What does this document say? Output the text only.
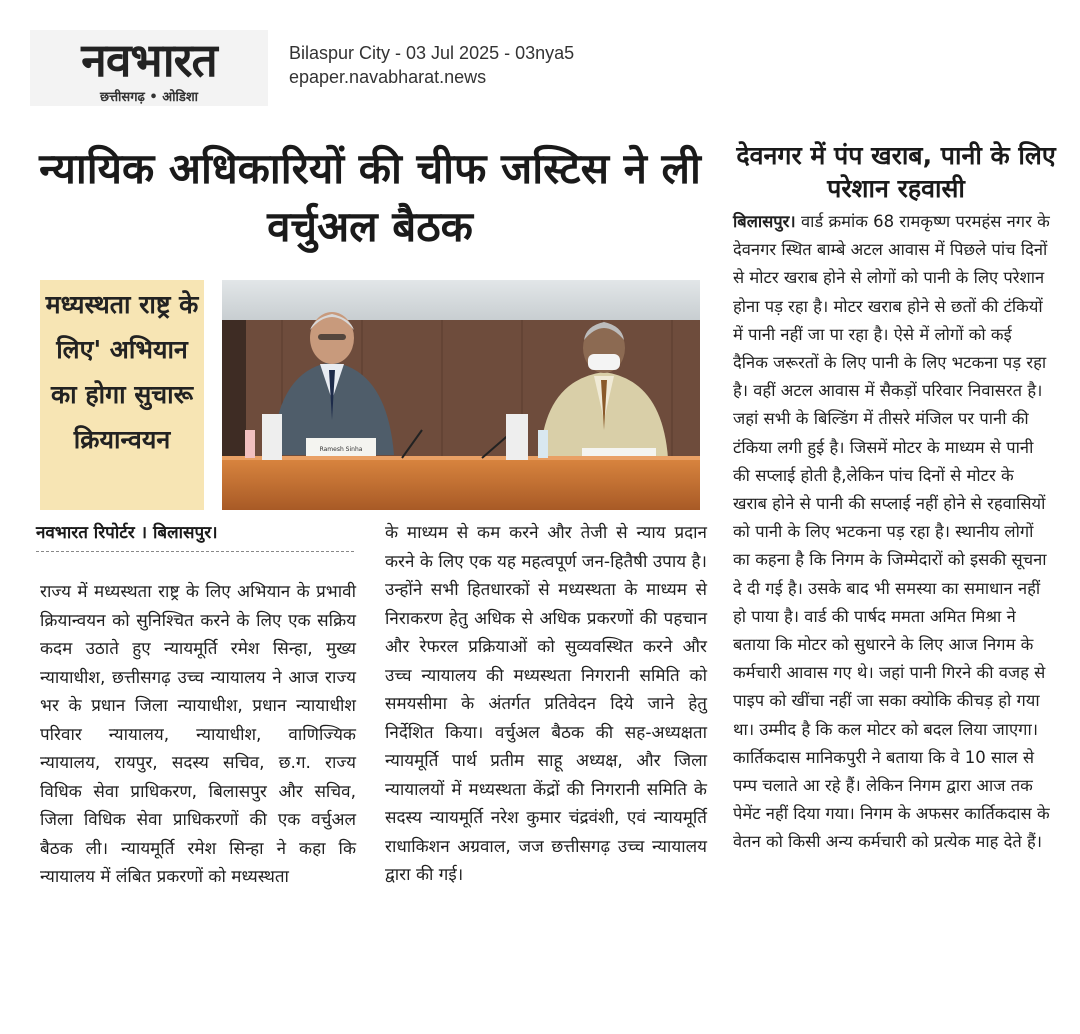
नवभारत
छत्तीसगढ़ • ओडिशा
Bilaspur City - 03 Jul 2025 - 03nya5
epaper.navabharat.news
न्यायिक अधिकारियों की चीफ जस्टिस ने ली वर्चुअल बैठक
देवनगर में पंप खराब, पानी के लिए परेशान रहवासी
मध्यस्थता राष्ट्र के लिए' अभियान का होगा सुचारू क्रियान्वयन	Ramesh Sinha
नवभारत रिपोर्टर । बिलासपुर।
राज्य में मध्यस्थता राष्ट्र के लिए अभियान के प्रभावी क्रियान्वयन को सुनिश्चित करने के लिए एक सक्रिय कदम उठाते हुए न्यायमूर्ति रमेश सिन्हा, मुख्य न्यायाधीश, छत्तीसगढ़ उच्च न्यायालय ने आज राज्य भर के प्रधान जिला न्यायाधीश, प्रधान न्यायाधीश परिवार न्यायालय, न्यायाधीश, वाणिज्यिक न्यायालय, रायपुर, सदस्य सचिव, छ.ग. राज्य विधिक सेवा प्राधिकरण, बिलासपुर और सचिव, जिला विधिक सेवा प्राधिकरणों की एक वर्चुअल बैठक ली। न्यायमूर्ति रमेश सिन्हा ने कहा कि न्यायालय में लंबित प्रकरणों को मध्यस्थता
के माध्यम से कम करने और तेजी से न्याय प्रदान करने के लिए एक यह महत्वपूर्ण जन-हितैषी उपाय है। उन्होंने सभी हितधारकों से मध्यस्थता के माध्यम से निराकरण हेतु अधिक से अधिक प्रकरणों की पहचान और रेफरल प्रक्रियाओं को सुव्यवस्थित करने और उच्च न्यायालय की मध्यस्थता निगरानी समिति को समयसीमा के अंतर्गत प्रतिवेदन दिये जाने हेतु निर्देशित किया। वर्चुअल बैठक की सह-अध्यक्षता न्यायमूर्ति पार्थ प्रतीम साहू अध्यक्ष, और जिला न्यायालयों में मध्यस्थता केंद्रों की निगरानी समिति के सदस्य न्यायमूर्ति नरेश कुमार चंद्रवंशी, एवं न्यायमूर्ति राधाकिशन अग्रवाल, जज छत्तीसगढ़ उच्च न्यायालय द्वारा की गई।
बिलासपुर। वार्ड क्रमांक 68 रामकृष्ण परमहंस नगर के देवनगर स्थित बाम्बे अटल आवास में पिछले पांच दिनों से मोटर खराब होने से लोगों को पानी के लिए परेशान होना पड़ रहा है। मोटर खराब होने से छतों की टंकियों में पानी नहीं जा पा रहा है। ऐसे में लोगों को कई दैनिक जरूरतों के लिए पानी के लिए भटकना पड़ रहा है। वहीं अटल आवास में सैकड़ों परिवार निवासरत है। जहां सभी के बिल्डिंग में तीसरे मंजिल पर पानी की टंकिया लगी हुई है। जिसमें मोटर के माध्यम से पानी की सप्लाई होती है,लेकिन पांच दिनों से मोटर के खराब होने से पानी की सप्लाई नहीं होने से रहवासियों को पानी के लिए भटकना पड़ रहा है। स्थानीय लोगों का कहना है कि निगम के जिम्मेदारों को इसकी सूचना दे दी गई है। उसके बाद भी समस्या का समाधान नहीं हो पाया है। वार्ड की पार्षद ममता अमित मिश्रा ने बताया कि मोटर को सुधारने के लिए आज निगम के कर्मचारी आवास गए थे। जहां पानी गिरने की वजह से पाइप को खींचा नहीं जा सका क्योकि कीचड़ हो गया था। उम्मीद है कि कल मोटर को बदल लिया जाएगा। कार्तिकदास मानिकपुरी ने बताया कि वे 10 साल से पम्प चलाते आ रहे हैं। लेकिन निगम द्वारा आज तक पेमेंट नहीं दिया गया। निगम के अफसर कार्तिकदास के वेतन को किसी अन्य कर्मचारी को प्रत्येक माह देते हैं।
